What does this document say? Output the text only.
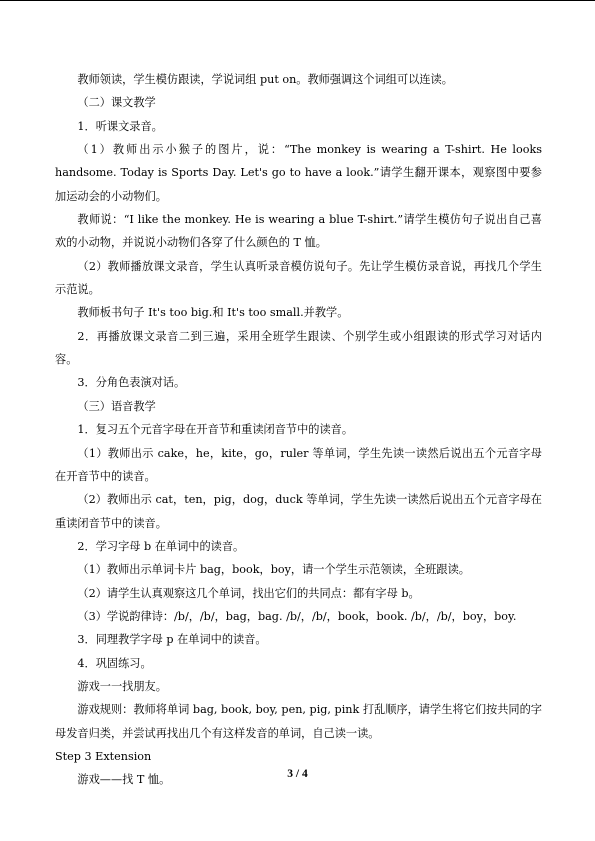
教师领读，学生模仿跟读，学说词组 put on。教师强调这个词组可以连读。

（二）课文教学

1．听课文录音。

（1）教师出示小猴子的图片，说：“The monkey is wearing a T-shirt. He looks handsome. Today is Sports Day. Let's go to have a look.”请学生翻开课本，观察图中要参加运动会的小动物们。

教师说：“I like the monkey. He is wearing a blue T-shirt.”请学生模仿句子说出自己喜欢的小动物，并说说小动物们各穿了什么颜色的 T 恤。

（2）教师播放课文录音，学生认真听录音模仿说句子。先让学生模仿录音说，再找几个学生示范说。

教师板书句子 It's too big.和 It's too small.并教学。

2．再播放课文录音二到三遍，采用全班学生跟读、个别学生或小组跟读的形式学习对话内容。

3．分角色表演对话。

（三）语音教学

1．复习五个元音字母在开音节和重读闭音节中的读音。

（1）教师出示 cake，he，kite，go，ruler 等单词，学生先读一读然后说出五个元音字母在开音节中的读音。

（2）教师出示 cat，ten，pig，dog，duck 等单词，学生先读一读然后说出五个元音字母在重读闭音节中的读音。

2．学习字母 b 在单词中的读音。

（1）教师出示单词卡片 bag，book，boy，请一个学生示范领读，全班跟读。

（2）请学生认真观察这几个单词，找出它们的共同点：都有字母 b。

（3）学说韵律诗：/b/，/b/，bag，bag. /b/，/b/，book，book. /b/，/b/，boy，boy.

3．同理教学字母 p 在单词中的读音。

4．巩固练习。

游戏一一找朋友。

游戏规则：教师将单词 bag, book, boy, pen, pig, pink 打乱顺序，请学生将它们按共同的字母发音归类，并尝试再找出几个有这样发音的单词，自己读一读。

Step 3 Extension

游戏——找 T 恤。	3 / 4
